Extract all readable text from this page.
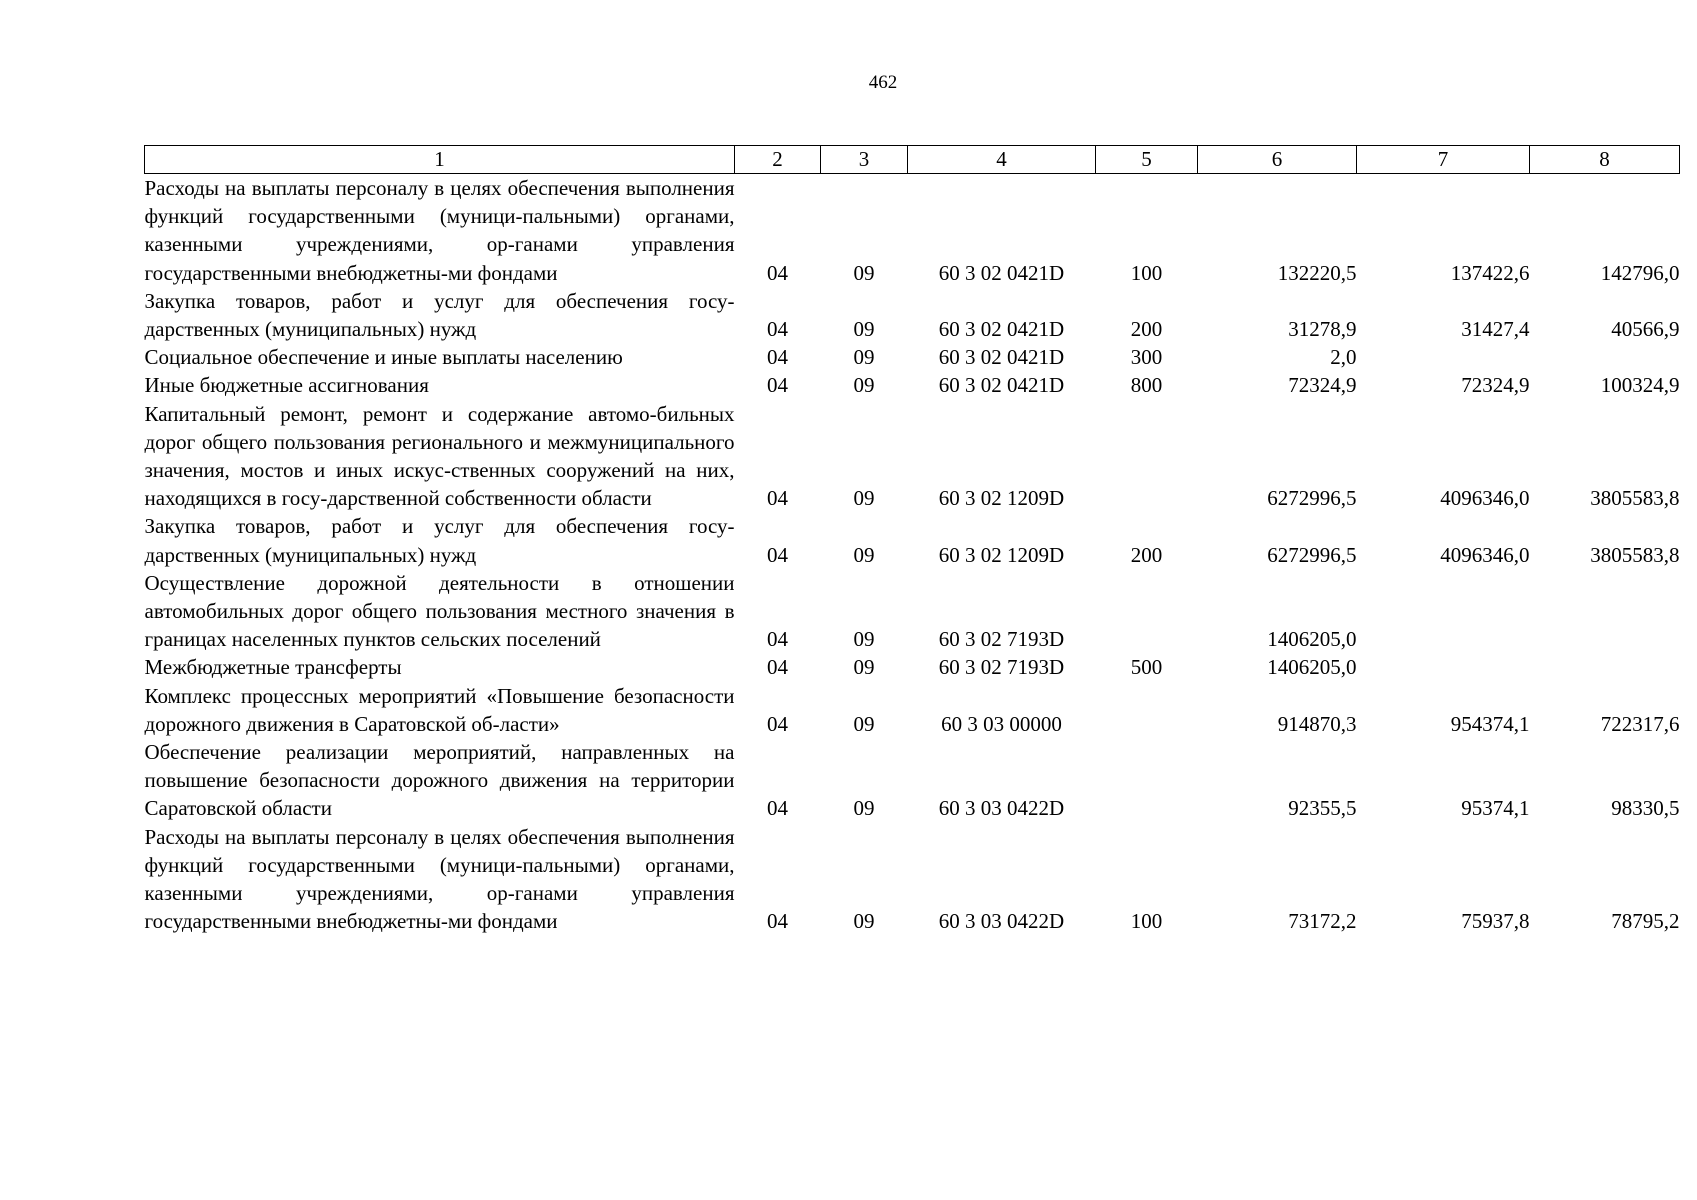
462
1	2	3	4	5	6	7	8
Расходы на выплаты персоналу в целях обеспечения выполнения функций государственными (муници-пальными) органами, казенными учреждениями, ор-ганами управления государственными внебюджетны-ми фондами	04	09	60 3 02 0421D	100	132220,5	137422,6	142796,0
Закупка товаров, работ и услуг для обеспечения госу-дарственных (муниципальных) нужд	04	09	60 3 02 0421D	200	31278,9	31427,4	40566,9
Социальное обеспечение и иные выплаты населению	04	09	60 3 02 0421D	300	2,0		
Иные бюджетные ассигнования	04	09	60 3 02 0421D	800	72324,9	72324,9	100324,9
Капитальный ремонт, ремонт и содержание автомо-бильных дорог общего пользования регионального и межмуниципального значения, мостов и иных искус-ственных сооружений на них, находящихся в госу-дарственной собственности области	04	09	60 3 02 1209D		6272996,5	4096346,0	3805583,8
Закупка товаров, работ и услуг для обеспечения госу-дарственных (муниципальных) нужд	04	09	60 3 02 1209D	200	6272996,5	4096346,0	3805583,8
Осуществление дорожной деятельности в отношении автомобильных дорог общего пользования местного значения в границах населенных пунктов сельских поселений	04	09	60 3 02 7193D		1406205,0		
Межбюджетные трансферты	04	09	60 3 02 7193D	500	1406205,0		
Комплекс процессных мероприятий «Повышение безопасности дорожного движения в Саратовской об-ласти»	04	09	60 3 03 00000		914870,3	954374,1	722317,6
Обеспечение реализации мероприятий, направленных на повышение безопасности дорожного движения на территории Саратовской области	04	09	60 3 03 0422D		92355,5	95374,1	98330,5
Расходы на выплаты персоналу в целях обеспечения выполнения функций государственными (муници-пальными) органами, казенными учреждениями, ор-ганами управления государственными внебюджетны-ми фондами	04	09	60 3 03 0422D	100	73172,2	75937,8	78795,2
